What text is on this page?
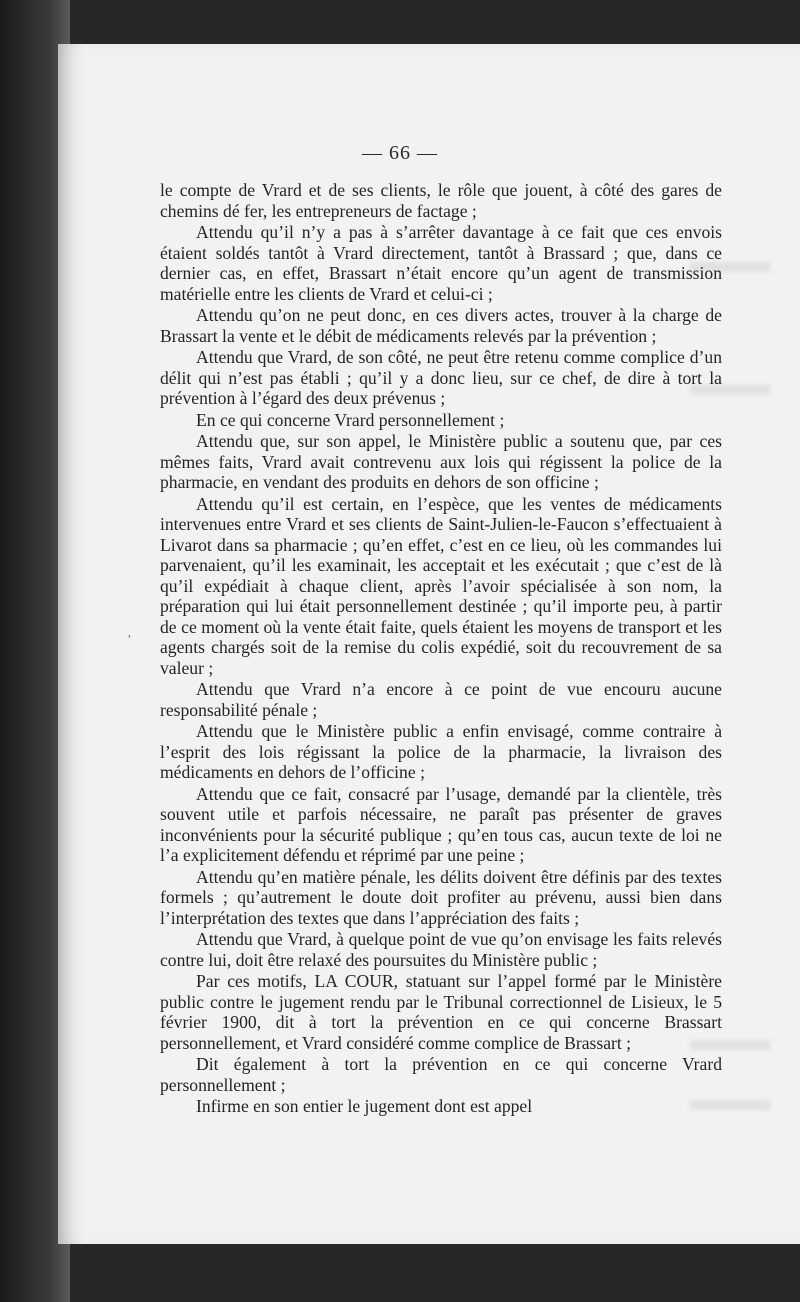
— 66 —
,

le compte de Vrard et de ses clients, le rôle que jouent, à côté des gares de chemins dé fer, les entrepreneurs de factage ;

Attendu qu’il n’y a pas à s’arrêter davantage à ce fait que ces envois étaient soldés tantôt à Vrard directement, tantôt à Brassard ; que, dans ce dernier cas, en effet, Brassart n’était encore qu’un agent de transmission matérielle entre les clients de Vrard et celui-ci ;

Attendu qu’on ne peut donc, en ces divers actes, trouver à la charge de Brassart la vente et le débit de médicaments relevés par la prévention ;

Attendu que Vrard, de son côté, ne peut être retenu comme complice d’un délit qui n’est pas établi ; qu’il y a donc lieu, sur ce chef, de dire à tort la prévention à l’égard des deux prévenus ;

En ce qui concerne Vrard personnellement ;

Attendu que, sur son appel, le Ministère public a soutenu que, par ces mêmes faits, Vrard avait contrevenu aux lois qui régissent la police de la pharmacie, en vendant des produits en dehors de son officine ;

Attendu qu’il est certain, en l’espèce, que les ventes de médicaments intervenues entre Vrard et ses clients de Saint-Julien-le-Faucon s’effectuaient à Livarot dans sa pharmacie ; qu’en effet, c’est en ce lieu, où les commandes lui parvenaient, qu’il les examinait, les acceptait et les exécutait ; que c’est de là qu’il expédiait à chaque client, après l’avoir spécialisée à son nom, la préparation qui lui était personnellement destinée ; qu’il importe peu, à partir de ce moment où la vente était faite, quels étaient les moyens de transport et les agents chargés soit de la remise du colis expédié, soit du recouvrement de sa valeur ;

Attendu que Vrard n’a encore à ce point de vue encouru aucune responsabilité pénale ;

Attendu que le Ministère public a enfin envisagé, comme contraire à l’esprit des lois régissant la police de la pharmacie, la livraison des médicaments en dehors de l’officine ;

Attendu que ce fait, consacré par l’usage, demandé par la clientèle, très souvent utile et parfois nécessaire, ne paraît pas présenter de graves inconvénients pour la sécurité publique ; qu’en tous cas, aucun texte de loi ne l’a explicitement défendu et réprimé par une peine ;

Attendu qu’en matière pénale, les délits doivent être définis par des textes formels ; qu’autrement le doute doit profiter au prévenu, aussi bien dans l’interprétation des textes que dans l’appréciation des faits ;

Attendu que Vrard, à quelque point de vue qu’on envisage les faits relevés contre lui, doit être relaxé des poursuites du Ministère public ;

Par ces motifs, LA COUR, statuant sur l’appel formé par le Ministère public contre le jugement rendu par le Tribunal correctionnel de Lisieux, le 5 février 1900, dit à tort la prévention en ce qui concerne Brassart personnellement, et Vrard considéré comme complice de Brassart ;

Dit également à tort la prévention en ce qui concerne Vrard personnellement ;

Infirme en son entier le jugement dont est appel
